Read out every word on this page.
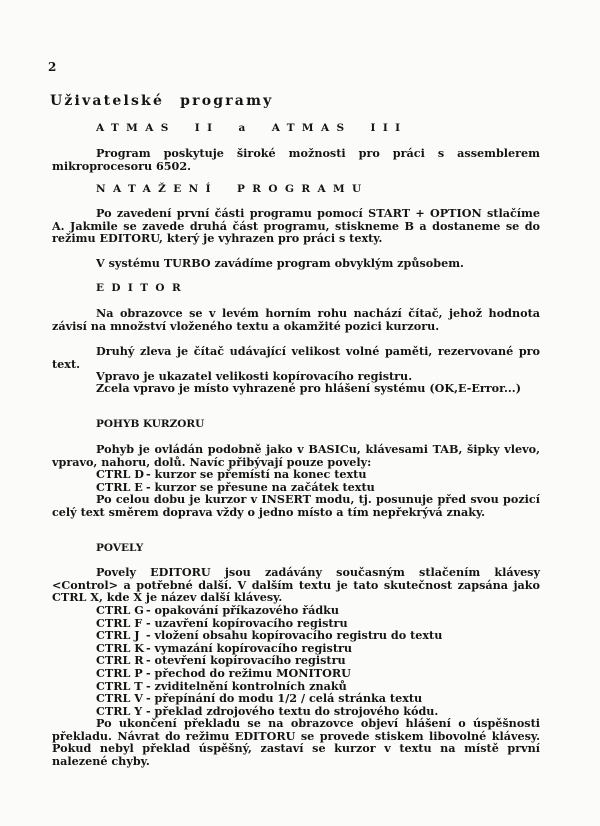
2
Uživatelské programy
ATMAS II a ATMAS III
Program poskytuje široké možnosti pro práci s assemblerem mikroprocesoru 6502.
NATAŽENÍ PROGRAMU
Po zavedení první části programu pomocí START + OPTION stlačíme A. Jakmile se zavede druhá část programu, stiskneme B a dostaneme se do režimu EDITORU, který je vyhrazen pro práci s texty.
V systému TURBO zavádíme program obvyklým způsobem.
EDITOR
Na obrazovce se v levém horním rohu nachází čítač, jehož hodnota závisí na množství vloženého textu a okamžité pozici kurzoru.
Druhý zleva je čítač udávající velikost volné paměti, rezervované pro text.
Vpravo je ukazatel velikosti kopírovacího registru.
Zcela vpravo je místo vyhrazené pro hlášení systému (OK,E-Error...)
POHYB KURZORU
Pohyb je ovládán podobně jako v BASICu, klávesami TAB, šipky vlevo, vpravo, nahoru, dolů. Navíc přibývají pouze povely:
CTRL D - kurzor se přemístí na konec textu
CTRL E - kurzor se přesune na začátek textu
Po celou dobu je kurzor v INSERT modu, tj. posunuje před svou pozicí celý text směrem doprava vždy o jedno místo a tím nepřekrývá znaky.
POVELY
Povely EDITORU jsou zadávány současným stlačením klávesy <Control> a potřebné další. V dalším textu je tato skutečnost zapsána jako CTRL X, kde X je název další klávesy.
CTRL G - opakování příkazového řádku
CTRL F - uzavření kopírovacího registru
CTRL J - vložení obsahu kopírovacího registru do textu
CTRL K - vymazání kopírovacího registru
CTRL R - otevření kopírovacího registru
CTRL P - přechod do režimu MONITORU
CTRL T - zviditelnění kontrolních znaků
CTRL V - přepínání do modu 1/2 / celá stránka textu
CTRL Y - překlad zdrojového textu do strojového kódu.
Po ukončení překladu se na obrazovce objeví hlášení o úspěšnosti překladu. Návrat do režimu EDITORU se provede stiskem libovolné klávesy. Pokud nebyl překlad úspěšný, zastaví se kurzor v textu na místě první nalezené chyby.
